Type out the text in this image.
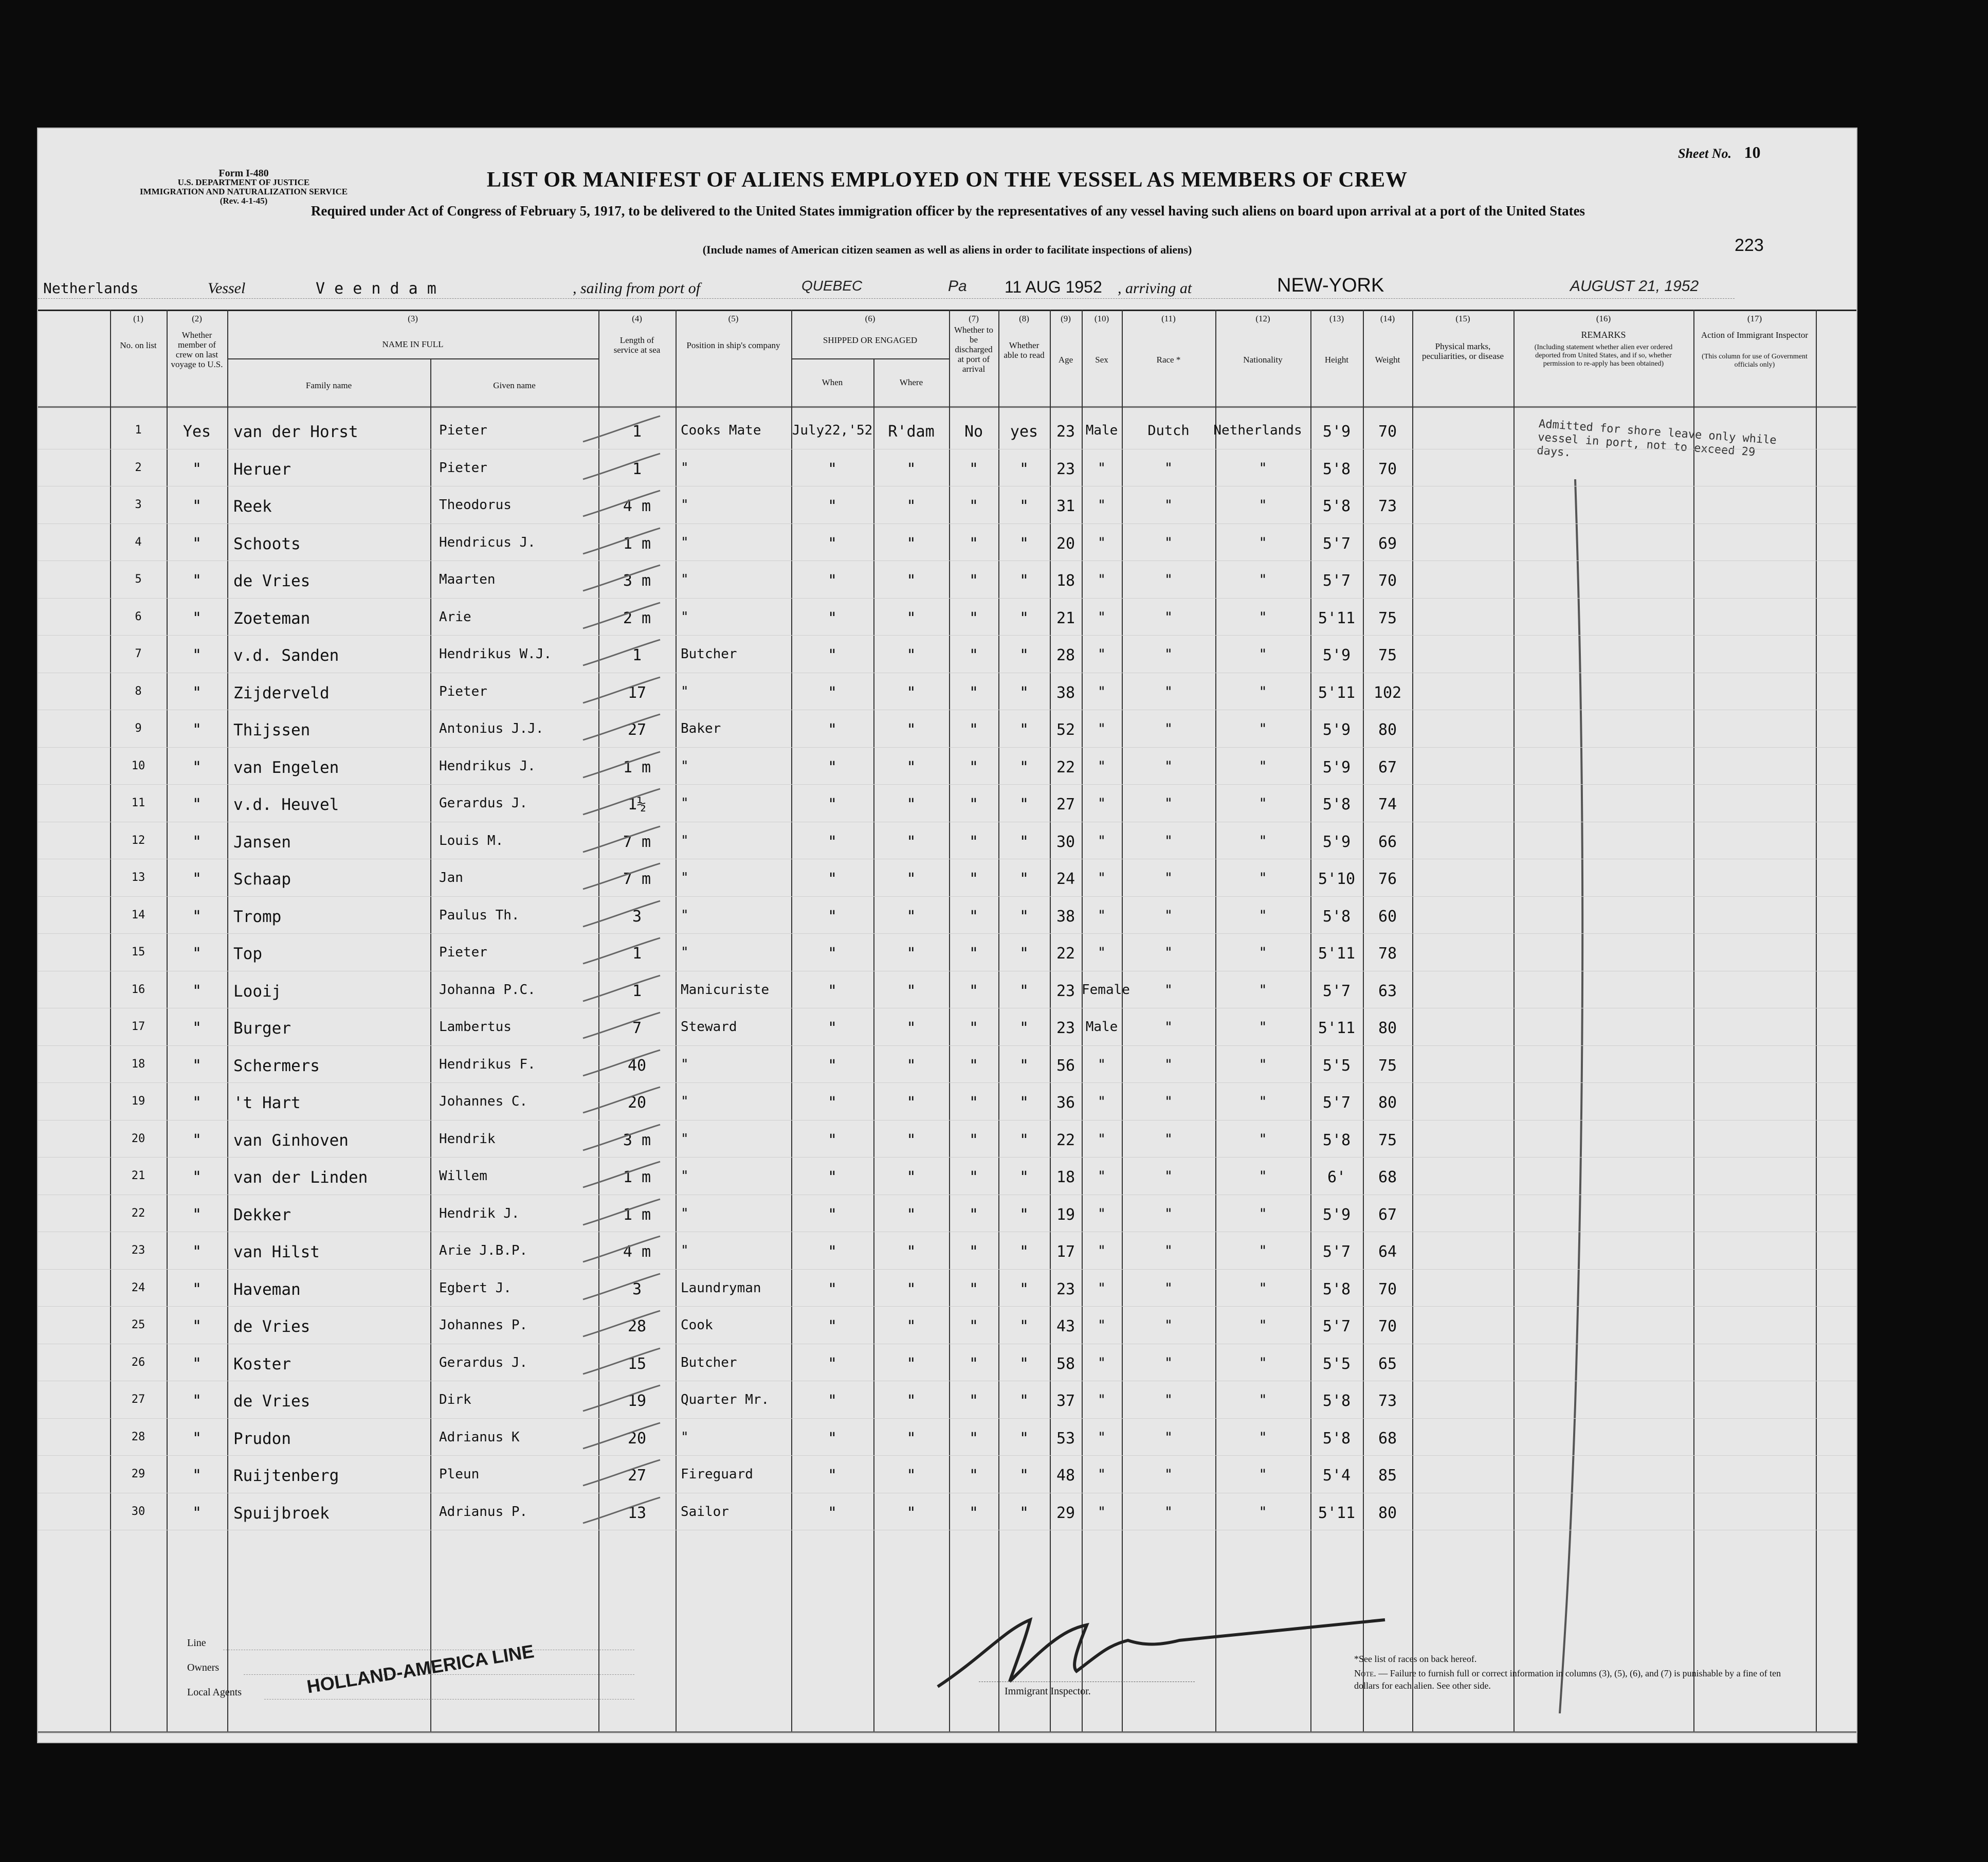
Form I-480
U.S. DEPARTMENT OF JUSTICE
IMMIGRATION AND NATURALIZATION SERVICE
(Rev. 4-1-45)
Sheet No. 10
LIST OR MANIFEST OF ALIENS EMPLOYED ON THE VESSEL AS MEMBERS OF CREW
Required under Act of Congress of February 5, 1917, to be delivered to the United States immigration officer by the representatives of any vessel having such aliens on board upon arrival at a port of the United States
(Include names of American citizen seamen as well as aliens in order to facilitate inspections of aliens)	223
Netherlands	Vessel	V e e n d a m	, sailing from port of	QUEBEC	Pa 11 AUG 1952 , arriving at	NEW-YORK	AUGUST 21, 1952
(1)	(2)	(3)	(4)	(5)	(6)	(7)	(8)	(9)	(10)	(11)	(12)	(13)	(14)	(15)	(16)	(17)
No. on list
Whether member of crew on last voyage to U.S.
NAME IN FULL
Family name	Given name
Length of service at sea	Position in ship's company
SHIPPED OR ENGAGED
When	Where
Whether to be discharged at port of arrival
Whether able to read	Age	Sex	Race *	Nationality	Height	Weight
Physical marks, peculiarities, or disease
REMARKS
(Including statement whether alien ever ordered deported from United States, and if so, whether permission to re-apply has been obtained)
Action of Immigrant Inspector
(This column for use of Government officials only)
Admitted for shore leave only while vessel in port, not to exceed 29 days.
1	Yes	van der Horst	Pieter	1	Cooks Mate	July22,'52	R'dam	No	yes	23 Male	Dutch	Netherlands	5'9	70
2	"	Heruer	Pieter	1	"	"	"	"	"	23	"	"	"	5'8	70
3	"	Reek	Theodorus	4 m	"	"	"	"	"	31	"	"	"	5'8	73
4	"	Schoots	Hendricus J.	1 m	"	"	"	"	"	20	"	"	"	5'7	69
5	"	de Vries	Maarten	3 m	"	"	"	"	"	18	"	"	"	5'7	70
6	"	Zoeteman	Arie	2 m	"	"	"	"	"	21	"	"	"	5'11	75
7	"	v.d. Sanden	Hendrikus W.J.	1	Butcher	"	"	"	"	28	"	"	"	5'9	75
8	"	Zijderveld	Pieter	17	"	"	"	"	"	38	"	"	"	5'11	102
9	"	Thijssen	Antonius J.J.	27	Baker	"	"	"	"	52	"	"	"	5'9	80
10	"	van Engelen	Hendrikus J.	1 m	"	"	"	"	"	22	"	"	"	5'9	67
11	"	v.d. Heuvel	Gerardus J.	1½	"	"	"	"	"	27	"	"	"	5'8	74
12	"	Jansen	Louis M.	7 m	"	"	"	"	"	30	"	"	"	5'9	66
13	"	Schaap	Jan	7 m	"	"	"	"	"	24	"	"	"	5'10	76
14	"	Tromp	Paulus Th.	3	"	"	"	"	"	38	"	"	"	5'8	60
15	"	Top	Pieter	1	"	"	"	"	"	22	"	"	"	5'11	78
16	"	Looij	Johanna P.C.	1	Manicuriste	"	"	"	"	23 Female	"	"	5'7	63
17	"	Burger	Lambertus	7	Steward	"	"	"	"	23 Male	"	"	5'11	80
18	"	Schermers	Hendrikus F.	40	"	"	"	"	"	56	"	"	"	5'5	75
19	"	't Hart	Johannes C.	20	"	"	"	"	"	36	"	"	"	5'7	80
20	"	van Ginhoven	Hendrik	3 m	"	"	"	"	"	22	"	"	"	5'8	75
21	"	van der Linden	Willem	1 m	"	"	"	"	"	18	"	"	"	6'	68
22	"	Dekker	Hendrik J.	1 m	"	"	"	"	"	19	"	"	"	5'9	67
23	"	van Hilst	Arie J.B.P.	4 m	"	"	"	"	"	17	"	"	"	5'7	64
24	"	Haveman	Egbert J.	3	Laundryman	"	"	"	"	23	"	"	"	5'8	70
25	"	de Vries	Johannes P.	28	Cook	"	"	"	"	43	"	"	"	5'7	70
26	"	Koster	Gerardus J.	15	Butcher	"	"	"	"	58	"	"	"	5'5	65
27	"	de Vries	Dirk	19	Quarter Mr.	"	"	"	"	37	"	"	"	5'8	73
28	"	Prudon	Adrianus K	20	"	"	"	"	"	53	"	"	"	5'8	68
29	"	Ruijtenberg	Pleun	27	Fireguard	"	"	"	"	48	"	"	"	5'4	85
30	"	Spuijbroek	Adrianus P.	13	Sailor	"	"	"	"	29	"	"	"	5'11	80
Line
Owners
Local Agents	HOLLAND-AMERICA LINE	Immigrant Inspector.
*See list of races on back hereof.
Note. — Failure to furnish full or correct information in columns (3), (5), (6), and (7) is punishable by a fine of ten dollars for each alien. See other side.
